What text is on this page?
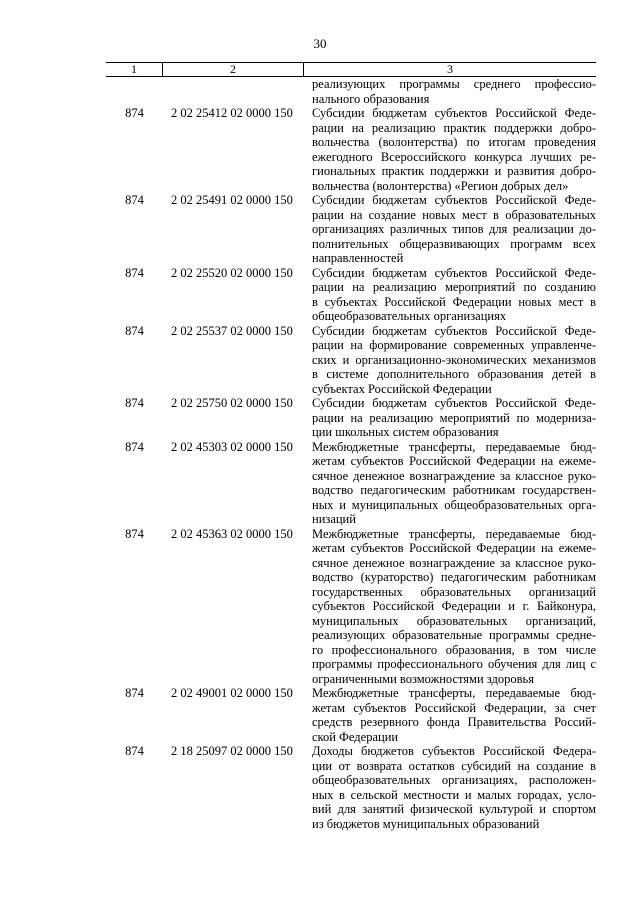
30
1	2	3
реализующих программы среднего профессио-
нального образования
874	2 02 25412 02 0000 150	Субсидии бюджетам субъектов Российской Феде-
рации на реализацию практик поддержки добро-
вольчества (волонтерства) по итогам проведения
ежегодного Всероссийского конкурса лучших ре-
гиональных практик поддержки и развития добро-
вольчества (волонтерства) «Регион добрых дел»
874	2 02 25491 02 0000 150	Субсидии бюджетам субъектов Российской Феде-
рации на создание новых мест в образовательных
организациях различных типов для реализации до-
полнительных общеразвивающих программ всех
направленностей
874	2 02 25520 02 0000 150	Субсидии бюджетам субъектов Российской Феде-
рации на реализацию мероприятий по созданию
в субъектах Российской Федерации новых мест в
общеобразовательных организациях
874	2 02 25537 02 0000 150	Субсидии бюджетам субъектов Российской Феде-
рации на формирование современных управленче-
ских и организационно-экономических механизмов
в системе дополнительного образования детей в
субъектах Российской Федерации
874	2 02 25750 02 0000 150	Субсидии бюджетам субъектов Российской Феде-
рации на реализацию мероприятий по модерниза-
ции школьных систем образования
874	2 02 45303 02 0000 150	Межбюджетные трансферты, передаваемые бюд-
жетам субъектов Российской Федерации на ежеме-
сячное денежное вознаграждение за классное руко-
водство педагогическим работникам государствен-
ных и муниципальных общеобразовательных орга-
низаций
874	2 02 45363 02 0000 150	Межбюджетные трансферты, передаваемые бюд-
жетам субъектов Российской Федерации на ежеме-
сячное денежное вознаграждение за классное руко-
водство (кураторство) педагогическим работникам
государственных образовательных организаций
субъектов Российской Федерации и г. Байконура,
муниципальных образовательных организаций,
реализующих образовательные программы средне-
го профессионального образования, в том числе
программы профессионального обучения для лиц с
ограниченными возможностями здоровья
874	2 02 49001 02 0000 150	Межбюджетные трансферты, передаваемые бюд-
жетам субъектов Российской Федерации, за счет
средств резервного фонда Правительства Россий-
ской Федерации
874	2 18 25097 02 0000 150	Доходы бюджетов субъектов Российской Федера-
ции от возврата остатков субсидий на создание в
общеобразовательных организациях, расположен-
ных в сельской местности и малых городах, усло-
вий для занятий физической культурой и спортом
из бюджетов муниципальных образований
